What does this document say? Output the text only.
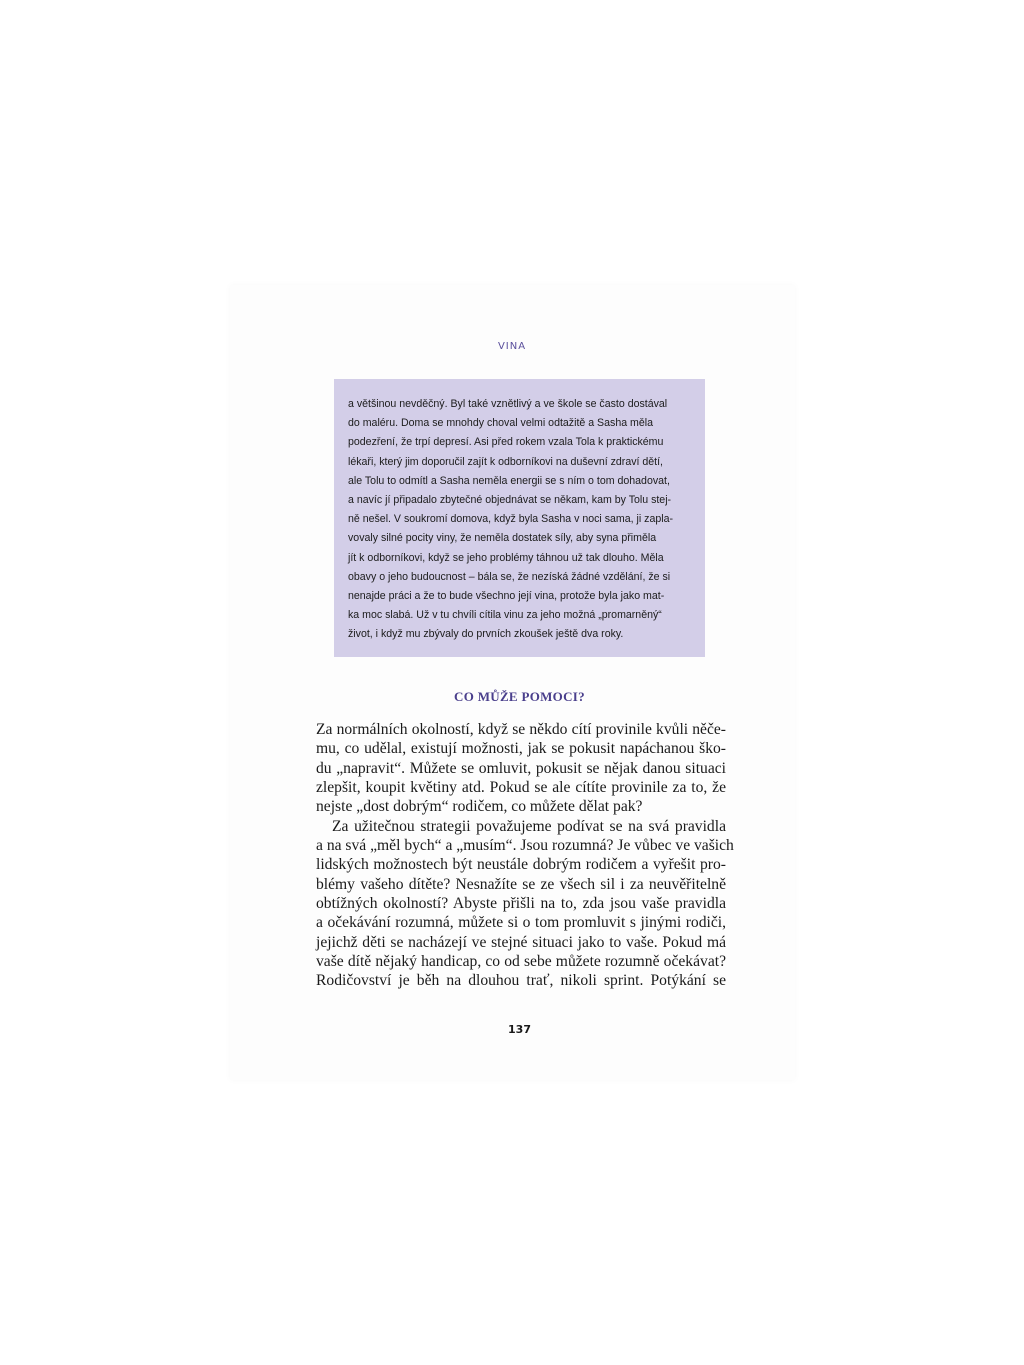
VINA
a většinou nevděčný. Byl také vznětlivý a ve škole se často dostával
do maléru. Doma se mnohdy choval velmi odtažitě a Sasha měla
podezření, že trpí depresí. Asi před rokem vzala Tola k praktickému
lékaři, který jim doporučil zajít k odborníkovi na duševní zdraví dětí,
ale Tolu to odmítl a Sasha neměla energii se s ním o tom dohadovat,
a navíc jí připadalo zbytečné objednávat se někam, kam by Tolu stej-
ně nešel. V soukromí domova, když byla Sasha v noci sama, ji zapla-
vovaly silné pocity viny, že neměla dostatek síly, aby syna přiměla
jít k odborníkovi, když se jeho problémy táhnou už tak dlouho. Měla
obavy o jeho budoucnost – bála se, že nezíská žádné vzdělání, že si
nenajde práci a že to bude všechno její vina, protože byla jako mat-
ka moc slabá. Už v tu chvíli cítila vinu za jeho možná „promarněný“
život, i když mu zbývaly do prvních zkoušek ještě dva roky.
CO MŮŽE POMOCI?
Za normálních okolností, když se někdo cítí provinile kvůli něče-
mu, co udělal, existují možnosti, jak se pokusit napáchanou ško-
du „napravit“. Můžete se omluvit, pokusit se nějak danou situaci
zlepšit, koupit květiny atd. Pokud se ale cítíte provinile za to, že
nejste „dost dobrým“ rodičem, co můžete dělat pak?
Za užitečnou strategii považujeme podívat se na svá pravidla
a na svá „měl bych“ a „musím“. Jsou rozumná? Je vůbec ve vašich
lidských možnostech být neustále dobrým rodičem a vyřešit pro-
blémy vašeho dítěte? Nesnažíte se ze všech sil i za neuvěřitelně
obtížných okolností? Abyste přišli na to, zda jsou vaše pravidla
a očekávání rozumná, můžete si o tom promluvit s jinými rodiči,
jejichž děti se nacházejí ve stejné situaci jako to vaše. Pokud má
vaše dítě nějaký handicap, co od sebe můžete rozumně očekávat?
Rodičovství je běh na dlouhou trať, nikoli sprint. Potýkání se
137
